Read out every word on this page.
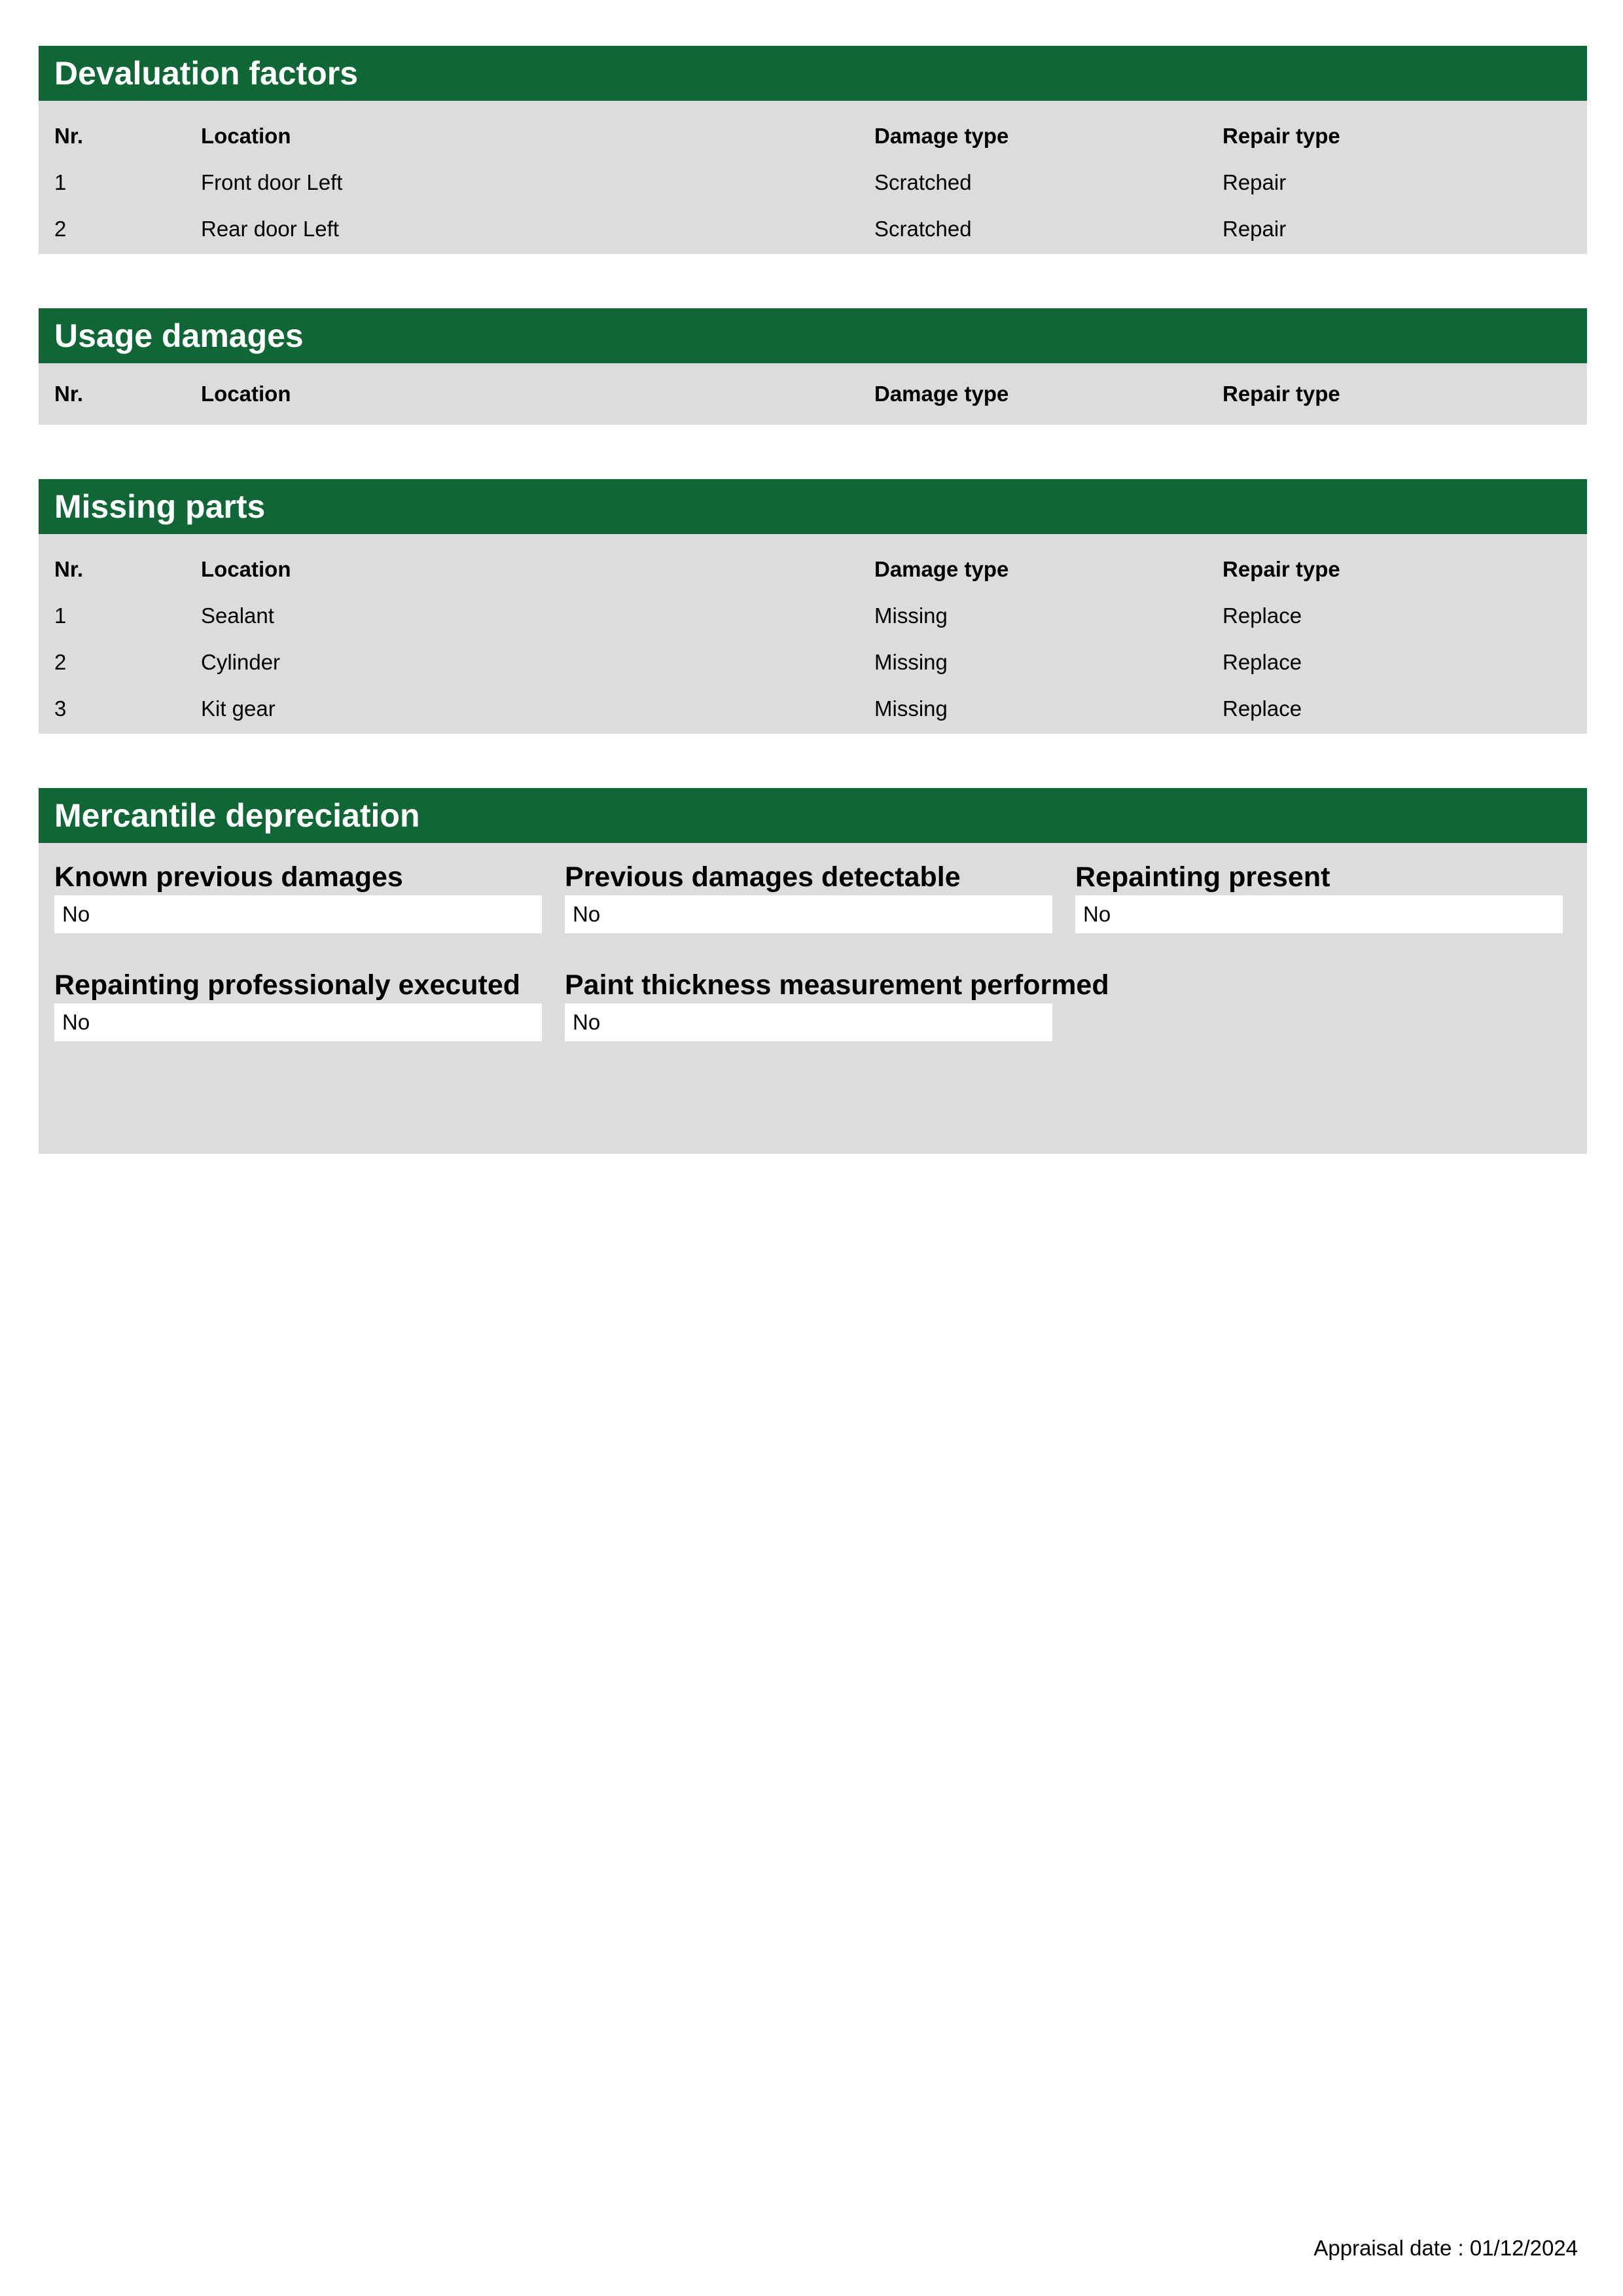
Devaluation factors
Nr.	Location	Damage type	Repair type
1	Front door Left	Scratched	Repair
2	Rear door Left	Scratched	Repair
Usage damages
Nr.	Location	Damage type	Repair type
Missing parts
Nr.	Location	Damage type	Repair type
1	Sealant	Missing	Replace
2	Cylinder	Missing	Replace
3	Kit gear	Missing	Replace
Mercantile depreciation
Known previous damages
No
Previous damages detectable
No
Repainting present
No
Repainting professionaly executed
No
Paint thickness measurement performed
No
Appraisal date : 01/12/2024
